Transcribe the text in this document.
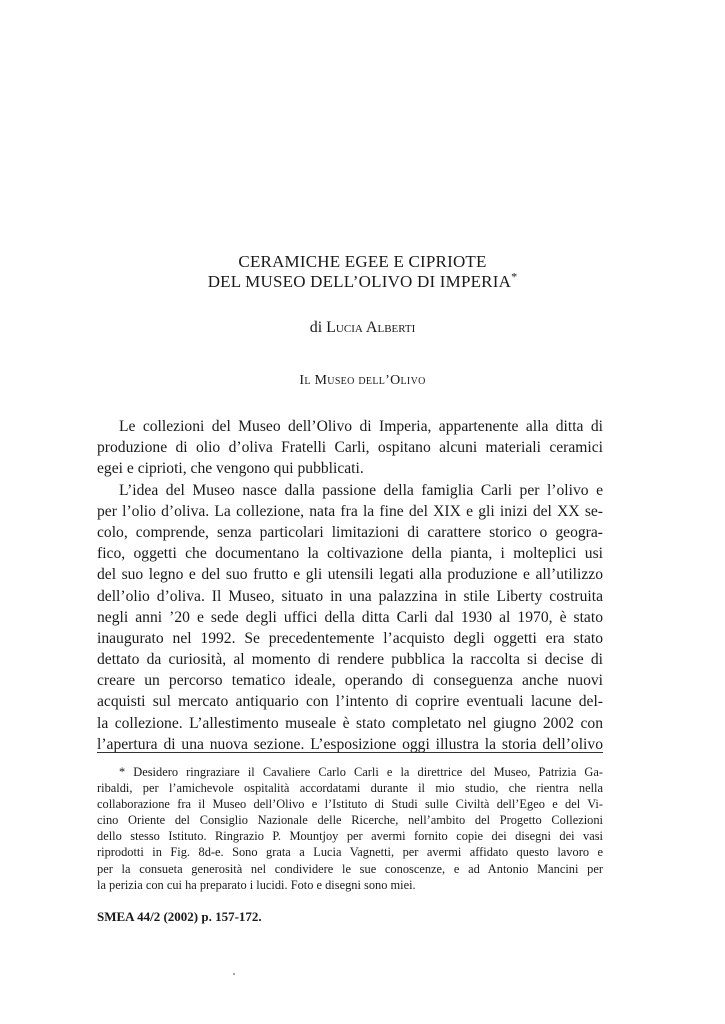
CERAMICHE EGEE E CIPRIOTE
DEL MUSEO DELL’OLIVO DI IMPERIA*
di Lucia Alberti
Il Museo dell’Olivo
Le collezioni del Museo dell’Olivo di Imperia, appartenente alla ditta di
produzione di olio d’oliva Fratelli Carli, ospitano alcuni materiali ceramici
egei e ciprioti, che vengono qui pubblicati.
L’idea del Museo nasce dalla passione della famiglia Carli per l’olivo e
per l’olio d’oliva. La collezione, nata fra la fine del XIX e gli inizi del XX se-
colo, comprende, senza particolari limitazioni di carattere storico o geogra-
fico, oggetti che documentano la coltivazione della pianta, i molteplici usi
del suo legno e del suo frutto e gli utensili legati alla produzione e all’utilizzo
dell’olio d’oliva. Il Museo, situato in una palazzina in stile Liberty costruita
negli anni ’20 e sede degli uffici della ditta Carli dal 1930 al 1970, è stato
inaugurato nel 1992. Se precedentemente l’acquisto degli oggetti era stato
dettato da curiosità, al momento di rendere pubblica la raccolta si decise di
creare un percorso tematico ideale, operando di conseguenza anche nuovi
acquisti sul mercato antiquario con l’intento di coprire eventuali lacune del-
la collezione. L’allestimento museale è stato completato nel giugno 2002 con
l’apertura di una nuova sezione. L’esposizione oggi illustra la storia dell’olivo
* Desidero ringraziare il Cavaliere Carlo Carli e la direttrice del Museo, Patrizia Ga-
ribaldi, per l’amichevole ospitalità accordatami durante il mio studio, che rientra nella
collaborazione fra il Museo dell’Olivo e l’Istituto di Studi sulle Civiltà dell’Egeo e del Vi-
cino Oriente del Consiglio Nazionale delle Ricerche, nell’ambito del Progetto Collezioni
dello stesso Istituto. Ringrazio P. Mountjoy per avermi fornito copie dei disegni dei vasi
riprodotti in Fig. 8d-e. Sono grata a Lucia Vagnetti, per avermi affidato questo lavoro e
per la consueta generosità nel condividere le sue conoscenze, e ad Antonio Mancini per
la perizia con cui ha preparato i lucidi. Foto e disegni sono miei.
SMEA 44/2 (2002) p. 157-172.
